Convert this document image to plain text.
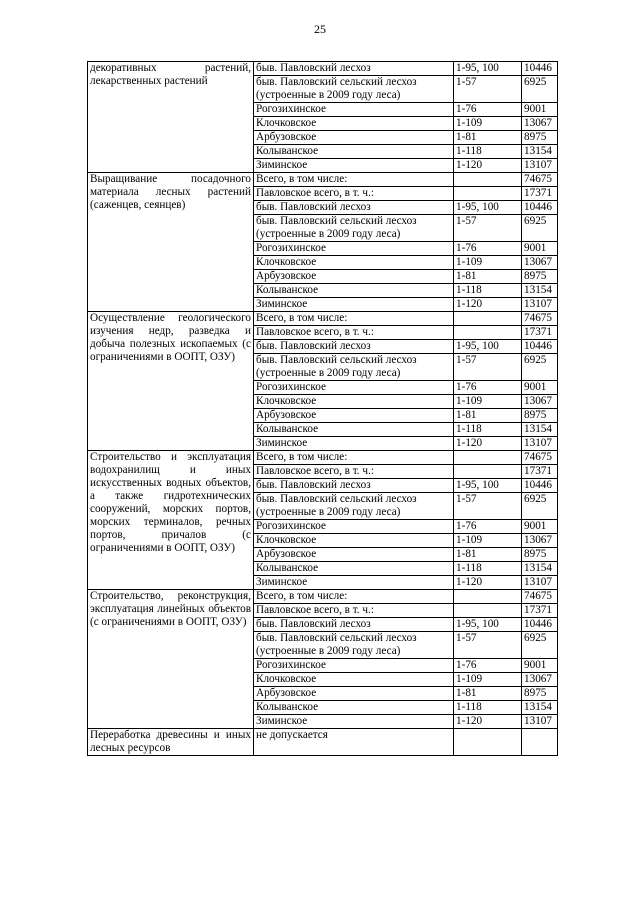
25
декоративных растений, лекарственных растений	быв. Павловский лесхоз	1-95, 100	10446
	быв. Павловский сельский лесхоз (устроенные в 2009 году леса)	1-57	6925
	Рогозихинское	1-76	9001
	Клочковское	1-109	13067
	Арбузовское	1-81	8975
	Колыванское	1-118	13154
	Зиминское	1-120	13107
Выращивание посадочного материала лесных растений (саженцев, сеянцев)	Всего, в том числе:		74675
	Павловское всего, в т. ч.:		17371
	быв. Павловский лесхоз	1-95, 100	10446
	быв. Павловский сельский лесхоз (устроенные в 2009 году леса)	1-57	6925
	Рогозихинское	1-76	9001
	Клочковское	1-109	13067
	Арбузовское	1-81	8975
	Колыванское	1-118	13154
	Зиминское	1-120	13107
Осуществление геологического изучения недр, разведка и добыча полезных ископаемых (с ограничениями в ООПТ, ОЗУ)	Всего, в том числе:		74675
	Павловское всего, в т. ч.:		17371
	быв. Павловский лесхоз	1-95, 100	10446
	быв. Павловский сельский лесхоз (устроенные в 2009 году леса)	1-57	6925
	Рогозихинское	1-76	9001
	Клочковское	1-109	13067
	Арбузовское	1-81	8975
	Колыванское	1-118	13154
	Зиминское	1-120	13107
Строительство и эксплуатация водохранилищ и иных искусственных водных объектов, а также гидротехнических сооружений, морских портов, морских терминалов, речных портов, причалов (с ограничениями в ООПТ, ОЗУ)	Всего, в том числе:		74675
	Павловское всего, в т. ч.:		17371
	быв. Павловский лесхоз	1-95, 100	10446
	быв. Павловский сельский лесхоз (устроенные в 2009 году леса)	1-57	6925
	Рогозихинское	1-76	9001
	Клочковское	1-109	13067
	Арбузовское	1-81	8975
	Колыванское	1-118	13154
	Зиминское	1-120	13107
Строительство, реконструкция, эксплуатация линейных объектов (с ограничениями в ООПТ, ОЗУ)	Всего, в том числе:		74675
	Павловское всего, в т. ч.:		17371
	быв. Павловский лесхоз	1-95, 100	10446
	быв. Павловский сельский лесхоз (устроенные в 2009 году леса)	1-57	6925
	Рогозихинское	1-76	9001
	Клочковское	1-109	13067
	Арбузовское	1-81	8975
	Колыванское	1-118	13154
	Зиминское	1-120	13107
Переработка древесины и иных лесных ресурсов	не допускается		
